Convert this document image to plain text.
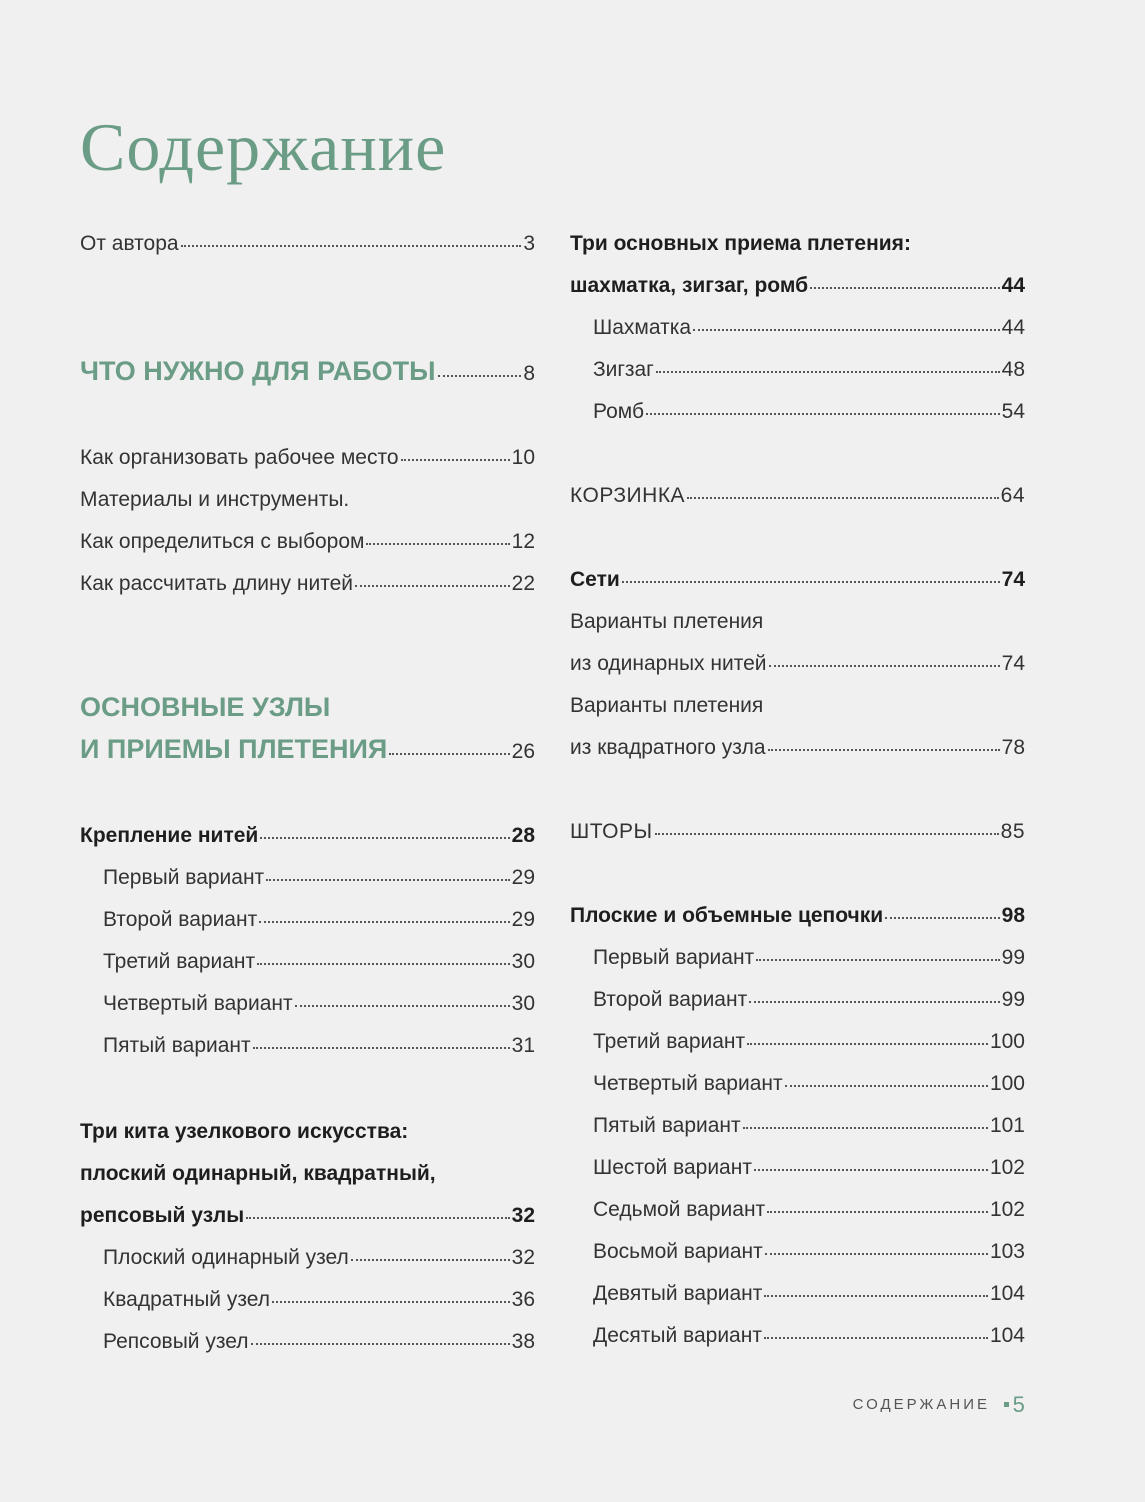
Содержание
От автора	3
ЧТО НУЖНО ДЛЯ РАБОТЫ	8
Как организовать рабочее место	10
Материалы и инструменты.
Как определиться с выбором	12
Как рассчитать длину нитей	22
ОСНОВНЫЕ УЗЛЫ
И ПРИЕМЫ ПЛЕТЕНИЯ	26
Крепление нитей	28
Первый вариант	29
Второй вариант	29
Третий вариант	30
Четвертый вариант	30
Пятый вариант	31
Три кита узелкового искусства:
плоский одинарный, квадратный,
репсовый узлы	32
Плоский одинарный узел	32
Квадратный узел	36
Репсовый узел	38
Три основных приема плетения:
шахматка, зигзаг, ромб	44
Шахматка	44
Зигзаг	48
Ромб	54
КОРЗИНКА	64
Сети	74
Варианты плетения
из одинарных нитей	74
Варианты плетения
из квадратного узла	78
ШТОРЫ	85
Плоские и объемные цепочки	98
Первый вариант	99
Второй вариант	99
Третий вариант	100
Четвертый вариант	100
Пятый вариант	101
Шестой вариант	102
Седьмой вариант	102
Восьмой вариант	103
Девятый вариант	104
Десятый вариант	104
СОДЕРЖАНИЕ 5
